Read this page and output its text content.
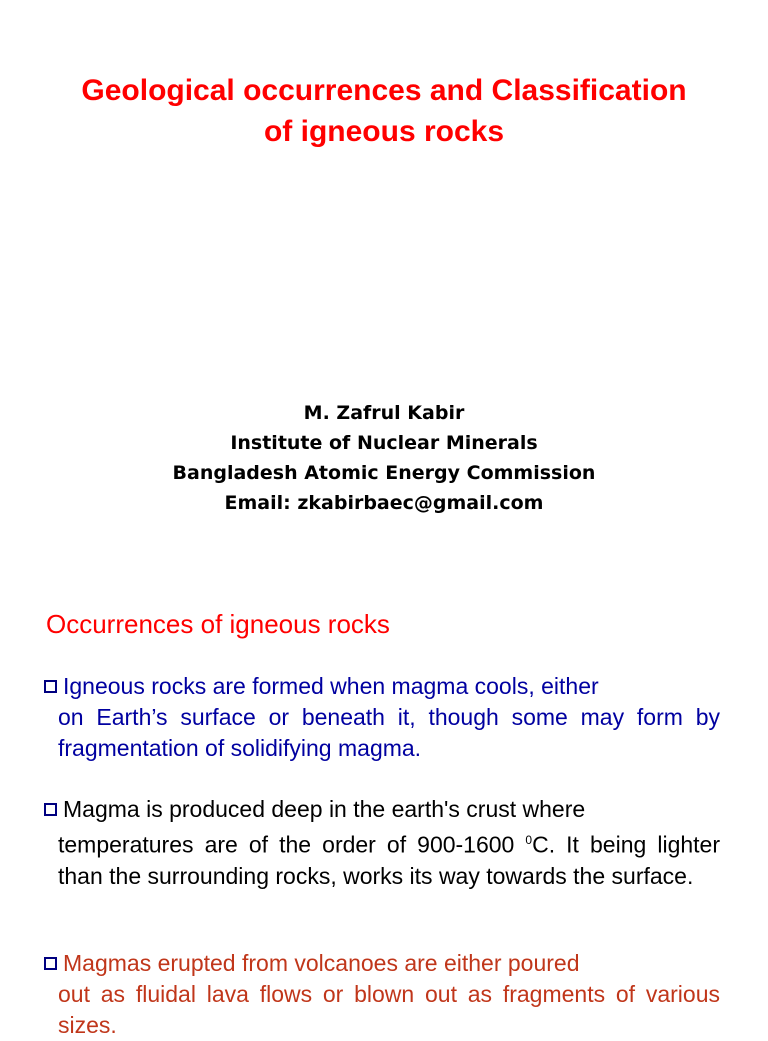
Geological occurrences and Classification
of igneous rocks
M. Zafrul Kabir
Institute of Nuclear Minerals
Bangladesh Atomic Energy Commission
Email: zkabirbaec@gmail.com
Occurrences of igneous rocks
Igneous rocks are formed when magma cools, either
on Earth’s surface or beneath it, though some may form by fragmentation of solidifying magma.
Magma is produced deep in the earth's crust where
temperatures are of the order of 900-1600 $^0$C. It being lighter than the surrounding rocks, works its way towards the surface.
Magmas erupted from volcanoes are either poured
out as fluidal lava flows or blown out as fragments of various sizes.
